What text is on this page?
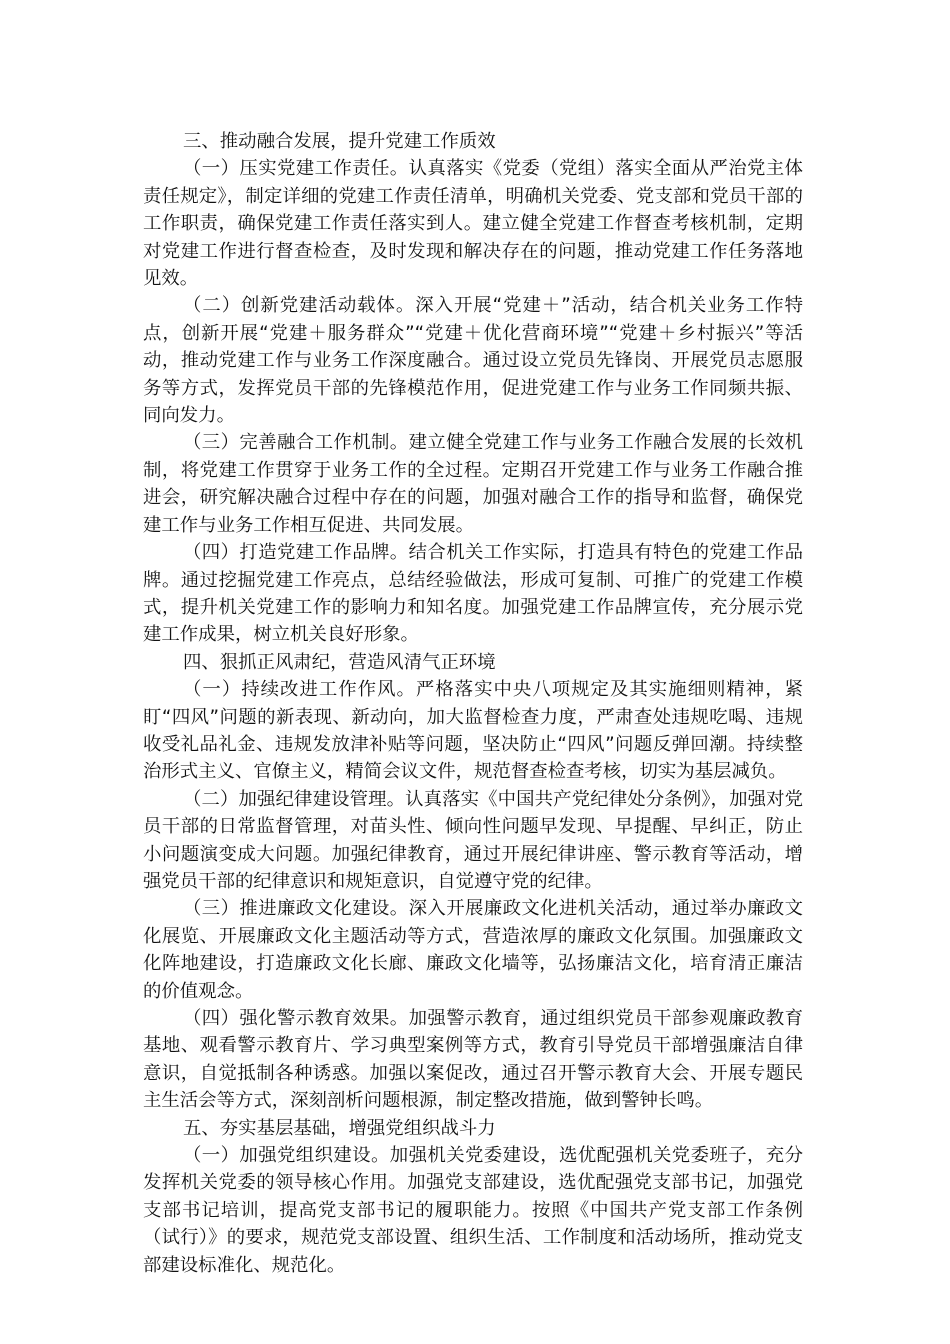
三、推动融合发展，提升党建工作质效

（一）压实党建工作责任。认真落实《党委（党组）落实全面从严治党主体责任规定》，制定详细的党建工作责任清单，明确机关党委、党支部和党员干部的工作职责，确保党建工作责任落实到人。建立健全党建工作督查考核机制，定期对党建工作进行督查检查，及时发现和解决存在的问题，推动党建工作任务落地见效。

（二）创新党建活动载体。深入开展“党建＋”活动，结合机关业务工作特点，创新开展“党建＋服务群众”“党建＋优化营商环境”“党建＋乡村振兴”等活动，推动党建工作与业务工作深度融合。通过设立党员先锋岗、开展党员志愿服务等方式，发挥党员干部的先锋模范作用，促进党建工作与业务工作同频共振、同向发力。

（三）完善融合工作机制。建立健全党建工作与业务工作融合发展的长效机制，将党建工作贯穿于业务工作的全过程。定期召开党建工作与业务工作融合推进会，研究解决融合过程中存在的问题，加强对融合工作的指导和监督，确保党建工作与业务工作相互促进、共同发展。

（四）打造党建工作品牌。结合机关工作实际，打造具有特色的党建工作品牌。通过挖掘党建工作亮点，总结经验做法，形成可复制、可推广的党建工作模式，提升机关党建工作的影响力和知名度。加强党建工作品牌宣传，充分展示党建工作成果，树立机关良好形象。

四、狠抓正风肃纪，营造风清气正环境

（一）持续改进工作作风。严格落实中央八项规定及其实施细则精神，紧盯“四风”问题的新表现、新动向，加大监督检查力度，严肃查处违规吃喝、违规收受礼品礼金、违规发放津补贴等问题，坚决防止“四风”问题反弹回潮。持续整治形式主义、官僚主义，精简会议文件，规范督查检查考核，切实为基层减负。

（二）加强纪律建设管理。认真落实《中国共产党纪律处分条例》，加强对党员干部的日常监督管理，对苗头性、倾向性问题早发现、早提醒、早纠正，防止小问题演变成大问题。加强纪律教育，通过开展纪律讲座、警示教育等活动，增强党员干部的纪律意识和规矩意识，自觉遵守党的纪律。

（三）推进廉政文化建设。深入开展廉政文化进机关活动，通过举办廉政文化展览、开展廉政文化主题活动等方式，营造浓厚的廉政文化氛围。加强廉政文化阵地建设，打造廉政文化长廊、廉政文化墙等，弘扬廉洁文化，培育清正廉洁的价值观念。

（四）强化警示教育效果。加强警示教育，通过组织党员干部参观廉政教育基地、观看警示教育片、学习典型案例等方式，教育引导党员干部增强廉洁自律意识，自觉抵制各种诱惑。加强以案促改，通过召开警示教育大会、开展专题民主生活会等方式，深刻剖析问题根源，制定整改措施，做到警钟长鸣。

五、夯实基层基础，增强党组织战斗力

（一）加强党组织建设。加强机关党委建设，选优配强机关党委班子，充分发挥机关党委的领导核心作用。加强党支部建设，选优配强党支部书记，加强党支部书记培训，提高党支部书记的履职能力。按照《中国共产党支部工作条例（试行）》的要求，规范党支部设置、组织生活、工作制度和活动场所，推动党支部建设标准化、规范化。
